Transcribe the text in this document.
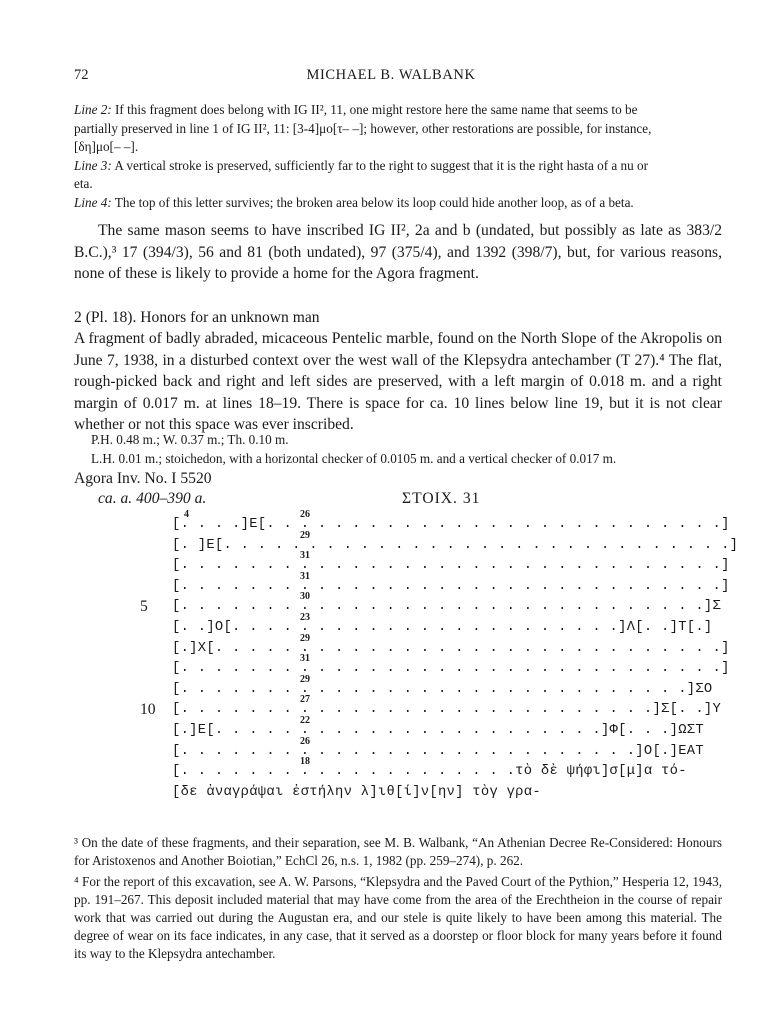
72	MICHAEL B. WALBANK
Line 2: If this fragment does belong with IG II², 11, one might restore here the same name that seems to be
partially preserved in line 1 of IG II², 11: [3-4]μο[τ– –]; however, other restorations are possible, for instance,
[δη]μο[– –].
Line 3: A vertical stroke is preserved, sufficiently far to the right to suggest that it is the right hasta of a nu or
eta.
Line 4: The top of this letter survives; the broken area below its loop could hide another loop, as of a beta.
The same mason seems to have inscribed IG II², 2a and b (undated, but possibly as late as 383/2 B.C.),³ 17 (394/3), 56 and 81 (both undated), 97 (375/4), and 1392 (398/7), but, for various reasons, none of these is likely to provide a home for the Agora fragment.
2 (Pl. 18). Honors for an unknown man
A fragment of badly abraded, micaceous Pentelic marble, found on the North Slope of the Akropolis on June 7, 1938, in a disturbed context over the west wall of the Klepsydra antechamber (T 27).⁴ The flat, rough-picked back and right and left sides are preserved, with a left margin of 0.018 m. and a right margin of 0.017 m. at lines 18–19. There is space for ca. 10 lines below line 19, but it is not clear whether or not this space was ever inscribed.
P.H. 0.48 m.; W. 0.37 m.; Th. 0.10 m.
L.H. 0.01 m.; stoichedon, with a horizontal checker of 0.0105 m. and a vertical checker of 0.017 m.
Agora Inv. No. I 5520
ca. a. 400–390 a.	ΣΤΟΙΧ. 31
[. . . .]Ε[. . . . . . . . . . . . . . . . . . . . . . . . . . .]
26
4
[. ]Ε[. . . . . . . . . . . . . . . . . . . . . . . . . . . . . .]
29
[. . . . . . . . . . . . . . . . . . . . . . . . . . . . . . . .]
31
[. . . . . . . . . . . . . . . . . . . . . . . . . . . . . . . .]
31
[. . . . . . . . . . . . . . . . . . . . . . . . . . . . . . .]Σ
5
30
[. .]Ο[. . . . . . . . . . . . . . . . . . . . . . .]Λ[. .]Τ[.]
23
[.]Χ[. . . . . . . . . . . . . . . . . . . . . . . . . . . . . .]
29
[. . . . . . . . . . . . . . . . . . . . . . . . . . . . . . . .]
31
[. . . . . . . . . . . . . . . . . . . . . . . . . . . . . .]ΣΟ
29
[. . . . . . . . . . . . . . . . . . . . . . . . . . . .]Σ[. .]Υ
10
27
[.]Ε[. . . . . . . . . . . . . . . . . . . . . . .]Φ[. . .]ΩΣΤ
22
[. . . . . . . . . . . . . . . . . . . . . . . . . . .]Ο[.]ΕΑΤ
26
[. . . . . . . . . . . . . . . . . . . .τὸ δὲ ψήφι]σ[μ]α τό-
18
[δε ἀναγράψαι ἐστήλην λ]ιθ[ί]ν[ην] τὸγ γρα-
³ On the date of these fragments, and their separation, see M. B. Walbank, “An Athenian Decree Re-Considered: Honours for Aristoxenos and Another Boiotian,” EchCl 26, n.s. 1, 1982 (pp. 259–274), p. 262.
⁴ For the report of this excavation, see A. W. Parsons, “Klepsydra and the Paved Court of the Pythion,” Hesperia 12, 1943, pp. 191–267. This deposit included material that may have come from the area of the Erechtheion in the course of repair work that was carried out during the Augustan era, and our stele is quite likely to have been among this material. The degree of wear on its face indicates, in any case, that it served as a doorstep or floor block for many years before it found its way to the Klepsydra antechamber.
